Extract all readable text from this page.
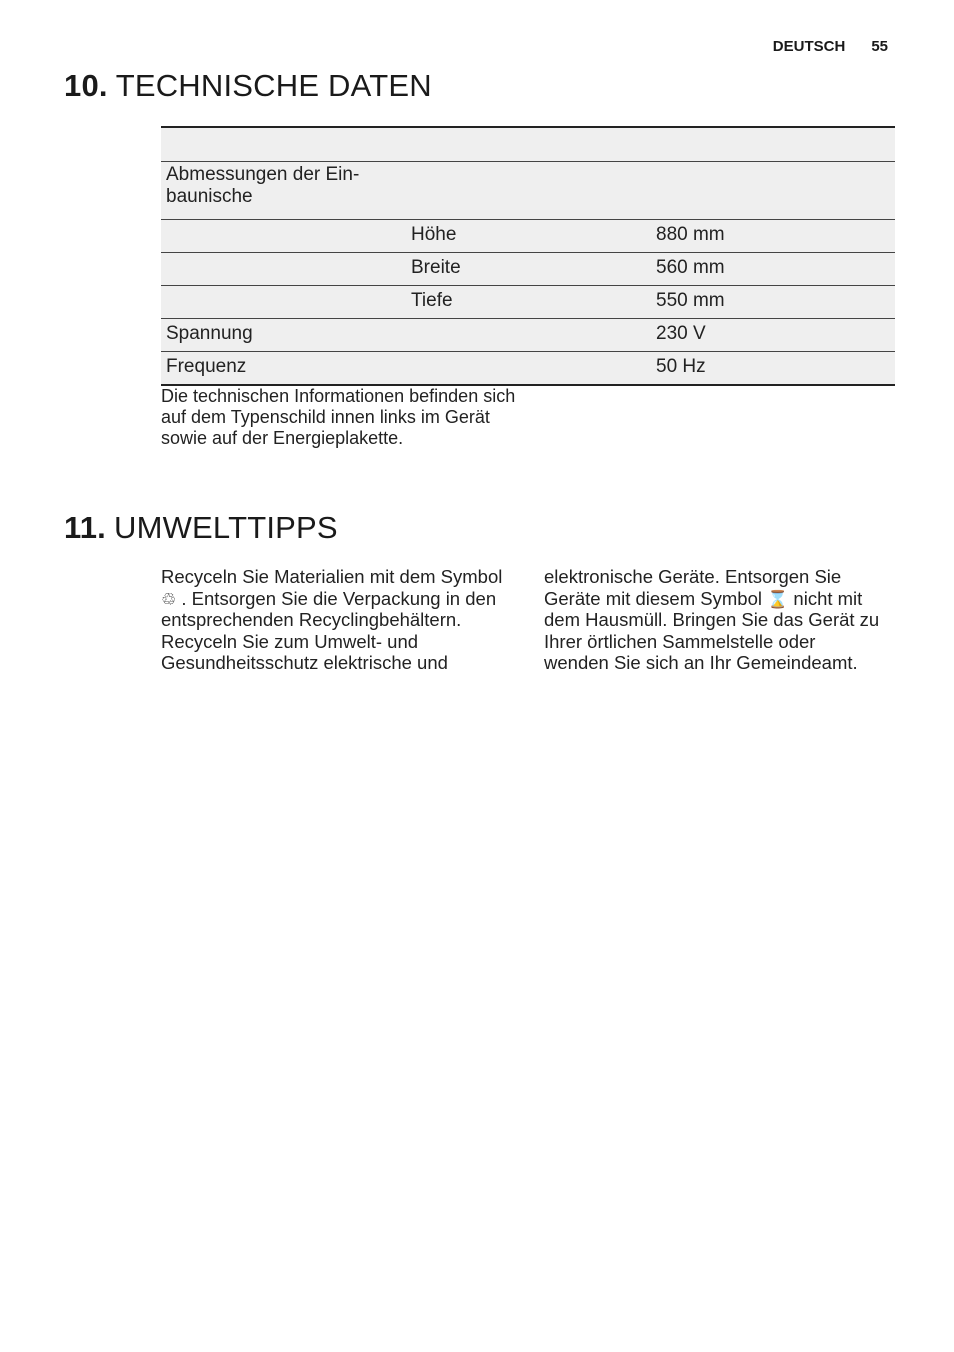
DEUTSCH 55
10. TECHNISCHE DATEN

Abmessungen der Ein- baunische		
	Höhe	880 mm
	Breite	560 mm
	Tiefe	550 mm
Spannung		230 V
Frequenz		50 Hz

Die technischen Informationen befinden sich auf dem Typenschild innen links im Gerät sowie auf der Energieplakette.

11. UMWELTTIPPS
Recyceln Sie Materialien mit dem Symbol ♲ . Entsorgen Sie die Verpackung in den entsprechenden Recyclingbehältern.
Recyceln Sie zum Umwelt- und Gesundheitsschutz elektrische und
elektronische Geräte. Entsorgen Sie Geräte mit diesem Symbol ⌛ nicht mit dem Hausmüll. Bringen Sie das Gerät zu Ihrer örtlichen Sammelstelle oder wenden Sie sich an Ihr Gemeindeamt.
